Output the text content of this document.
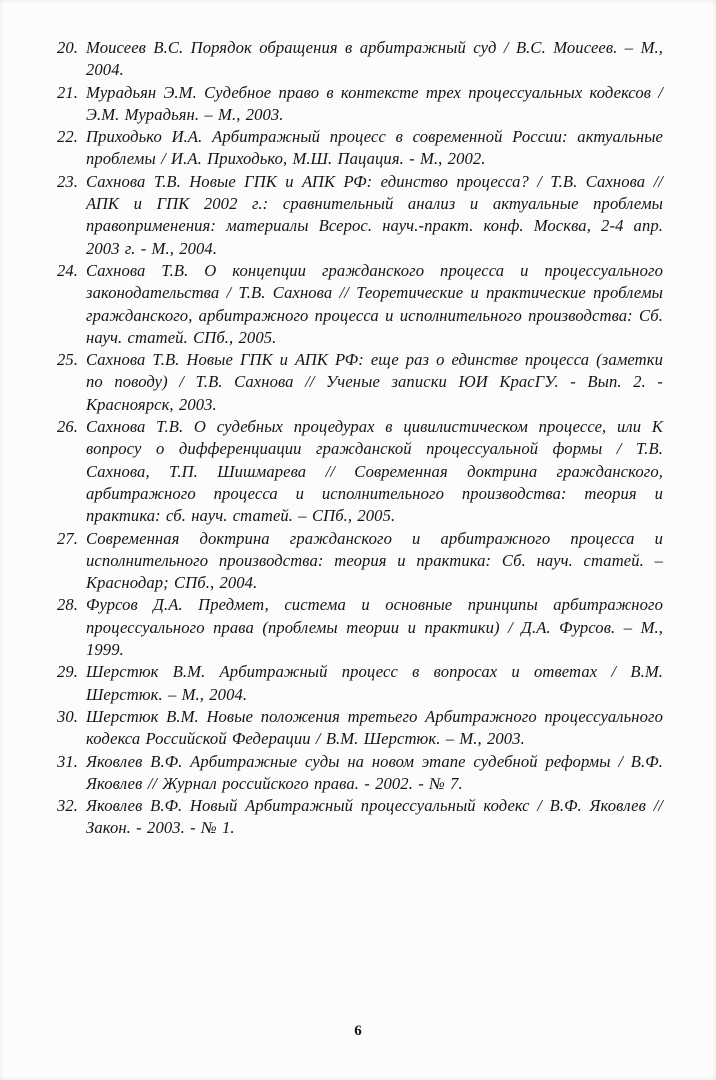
20. Моисеев В.С. Порядок обращения в арбитражный суд / В.С. Моисеев. – М., 2004.
21. Мурадьян Э.М. Судебное право в контексте трех процессуальных кодексов / Э.М. Мурадьян. – М., 2003.
22. Приходько И.А. Арбитражный процесс в современной России: актуальные проблемы / И.А. Приходько, М.Ш. Пацация. - М., 2002.
23. Сахнова Т.В. Новые ГПК и АПК РФ: единство процесса? / Т.В. Сахнова // АПК и ГПК 2002 г.: сравнительный анализ и актуальные проблемы правоприменения: материалы Всерос. науч.-практ. конф. Москва, 2-4 апр. 2003 г. - М., 2004.
24. Сахнова Т.В. О концепции гражданского процесса и процессуального законодательства / Т.В. Сахнова // Теоретические и практические проблемы гражданского, арбитражного процесса и исполнительного производства: Сб. науч. статей. СПб., 2005.
25. Сахнова Т.В. Новые ГПК и АПК РФ: еще раз о единстве процесса (заметки по поводу) / Т.В. Сахнова // Ученые записки ЮИ КрасГУ. - Вып. 2. - Красноярск, 2003.
26. Сахнова Т.В. О судебных процедурах в цивилистическом процессе, или К вопросу о дифференциации гражданской процессуальной формы / Т.В. Сахнова, Т.П. Шишмарева // Современная доктрина гражданского, арбитражного процесса и исполнительного производства: теория и практика: сб. науч. статей. – СПб., 2005.
27. Современная доктрина гражданского и арбитражного процесса и исполнительного производства: теория и практика: Сб. науч. статей. – Краснодар; СПб., 2004.
28. Фурсов Д.А. Предмет, система и основные принципы арбитражного процессуального права (проблемы теории и практики) / Д.А. Фурсов. – М., 1999.
29. Шерстюк В.М. Арбитражный процесс в вопросах и ответах / В.М. Шерстюк. – М., 2004.
30. Шерстюк В.М. Новые положения третьего Арбитражного процессуального кодекса Российской Федерации / В.М. Шерстюк. – М., 2003.
31. Яковлев В.Ф. Арбитражные суды на новом этапе судебной реформы / В.Ф. Яковлев // Журнал российского права. - 2002. - № 7.
32. Яковлев В.Ф. Новый Арбитражный процессуальный кодекс / В.Ф. Яковлев // Закон. - 2003. - № 1.
6
